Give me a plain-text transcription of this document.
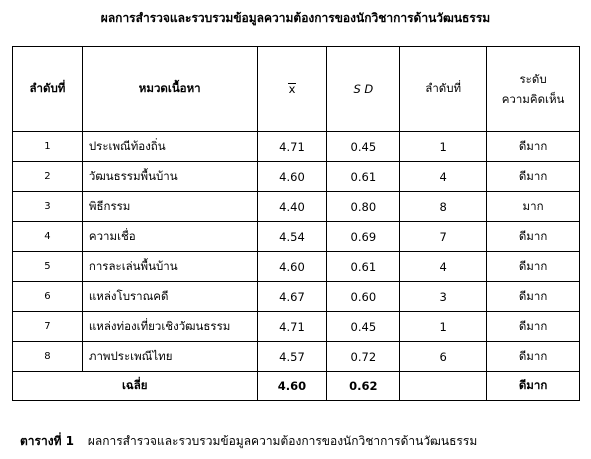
ผลการสำรวจและรวบรวมข้อมูลความต้องการของนักวิชาการด้านวัฒนธรรม
ลำดับที่	หมวดเนื้อหา	x	S D	ลำดับที่	ระดับ
ความคิดเห็น

1	ประเพณีท้องถิ่น	4.71	0.45	1	ดีมาก
2	วัฒนธรรมพื้นบ้าน	4.60	0.61	4	ดีมาก
3	พิธีกรรม	4.40	0.80	8	มาก
4	ความเชื่อ	4.54	0.69	7	ดีมาก
5	การละเล่นพื้นบ้าน	4.60	0.61	4	ดีมาก
6	แหล่งโบราณคดี	4.67	0.60	3	ดีมาก
7	แหล่งท่องเที่ยวเชิงวัฒนธรรม	4.71	0.45	1	ดีมาก
8	ภาพประเพณีไทย	4.57	0.72	6	ดีมาก
เฉลี่ย		4.60	0.62		ดีมาก
ตารางที่ 1 ผลการสำรวจและรวบรวมข้อมูลความต้องการของนักวิชาการด้านวัฒนธรรม
